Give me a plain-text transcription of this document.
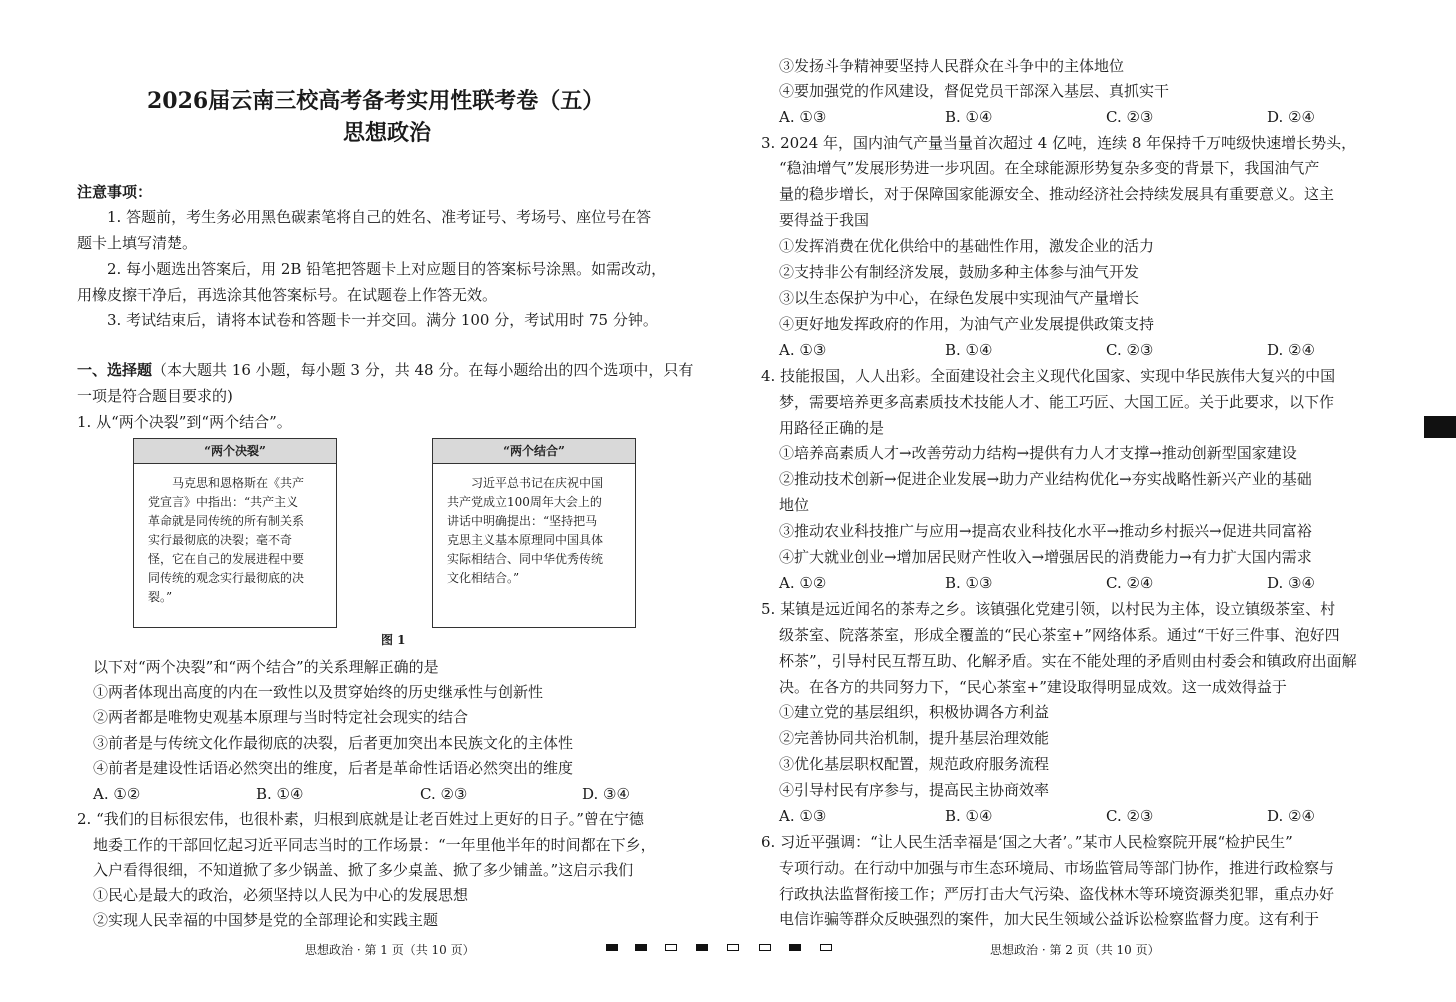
2026届云南三校高考备考实用性联考卷（五）
思想政治
注意事项：
1. 答题前，考生务必用黑色碳素笔将自己的姓名、准考证号、考场号、座位号在答
题卡上填写清楚。
2. 每小题选出答案后，用 2B 铅笔把答题卡上对应题目的答案标号涂黑。如需改动，
用橡皮擦干净后，再选涂其他答案标号。在试题卷上作答无效。
3. 考试结束后，请将本试卷和答题卡一并交回。满分 100 分，考试用时 75 分钟。
一、选择题（本大题共 16 小题，每小题 3 分，共 48 分。在每小题给出的四个选项中，只有
一项是符合题目要求的)
1. 从“两个决裂”到“两个结合”。
“两个决裂”
马克思和恩格斯在《共产
党宣言》中指出：“共产主义
革命就是同传统的所有制关系
实行最彻底的决裂；毫不奇
怪，它在自己的发展进程中要
同传统的观念实行最彻底的决
裂。”
“两个结合”
习近平总书记在庆祝中国
共产党成立100周年大会上的
讲话中明确提出：“坚持把马
克思主义基本原理同中国具体
实际相结合、同中华优秀传统
文化相结合。”
图 1
以下对“两个决裂”和“两个结合”的关系理解正确的是
①两者体现出高度的内在一致性以及贯穿始终的历史继承性与创新性
②两者都是唯物史观基本原理与当时特定社会现实的结合
③前者是与传统文化作最彻底的决裂，后者更加突出本民族文化的主体性
④前者是建设性话语必然突出的维度，后者是革命性话语必然突出的维度
A. ①②	B. ①④	C. ②③	D. ③④
2. “我们的目标很宏伟，也很朴素，归根到底就是让老百姓过上更好的日子。”曾在宁德
地委工作的干部回忆起习近平同志当时的工作场景：“一年里他半年的时间都在下乡，
入户看得很细，不知道掀了多少锅盖、掀了多少桌盖、掀了多少铺盖。”这启示我们
①民心是最大的政治，必须坚持以人民为中心的发展思想
②实现人民幸福的中国梦是党的全部理论和实践主题
思想政治 · 第 1 页（共 10 页）
③发扬斗争精神要坚持人民群众在斗争中的主体地位
④要加强党的作风建设，督促党员干部深入基层、真抓实干
A. ①③	B. ①④	C. ②③	D. ②④
3. 2024 年，国内油气产量当量首次超过 4 亿吨，连续 8 年保持千万吨级快速增长势头，
“稳油增气”发展形势进一步巩固。在全球能源形势复杂多变的背景下，我国油气产
量的稳步增长，对于保障国家能源安全、推动经济社会持续发展具有重要意义。这主
要得益于我国
①发挥消费在优化供给中的基础性作用，激发企业的活力
②支持非公有制经济发展，鼓励多种主体参与油气开发
③以生态保护为中心，在绿色发展中实现油气产量增长
④更好地发挥政府的作用，为油气产业发展提供政策支持
A. ①③	B. ①④	C. ②③	D. ②④
4. 技能报国，人人出彩。全面建设社会主义现代化国家、实现中华民族伟大复兴的中国
梦，需要培养更多高素质技术技能人才、能工巧匠、大国工匠。关于此要求，以下作
用路径正确的是
①培养高素质人才→改善劳动力结构→提供有力人才支撑→推动创新型国家建设
②推动技术创新→促进企业发展→助力产业结构优化→夯实战略性新兴产业的基础
地位
③推动农业科技推广与应用→提高农业科技化水平→推动乡村振兴→促进共同富裕
④扩大就业创业→增加居民财产性收入→增强居民的消费能力→有力扩大国内需求
A. ①②	B. ①③	C. ②④	D. ③④
5. 某镇是远近闻名的茶寿之乡。该镇强化党建引领，以村民为主体，设立镇级茶室、村
级茶室、院落茶室，形成全覆盖的“民心茶室+”网络体系。通过“干好三件事、泡好四
杯茶”，引导村民互帮互助、化解矛盾。实在不能处理的矛盾则由村委会和镇政府出面解
决。在各方的共同努力下，“民心茶室+”建设取得明显成效。这一成效得益于
①建立党的基层组织，积极协调各方利益
②完善协同共治机制，提升基层治理效能
③优化基层职权配置，规范政府服务流程
④引导村民有序参与，提高民主协商效率
A. ①③	B. ①④	C. ②③	D. ②④
6. 习近平强调：“让人民生活幸福是‘国之大者’。”某市人民检察院开展“检护民生”
专项行动。在行动中加强与市生态环境局、市场监管局等部门协作，推进行政检察与
行政执法监督衔接工作；严厉打击大气污染、盗伐林木等环境资源类犯罪，重点办好
电信诈骗等群众反映强烈的案件，加大民生领域公益诉讼检察监督力度。这有利于
思想政治 · 第 2 页（共 10 页）
